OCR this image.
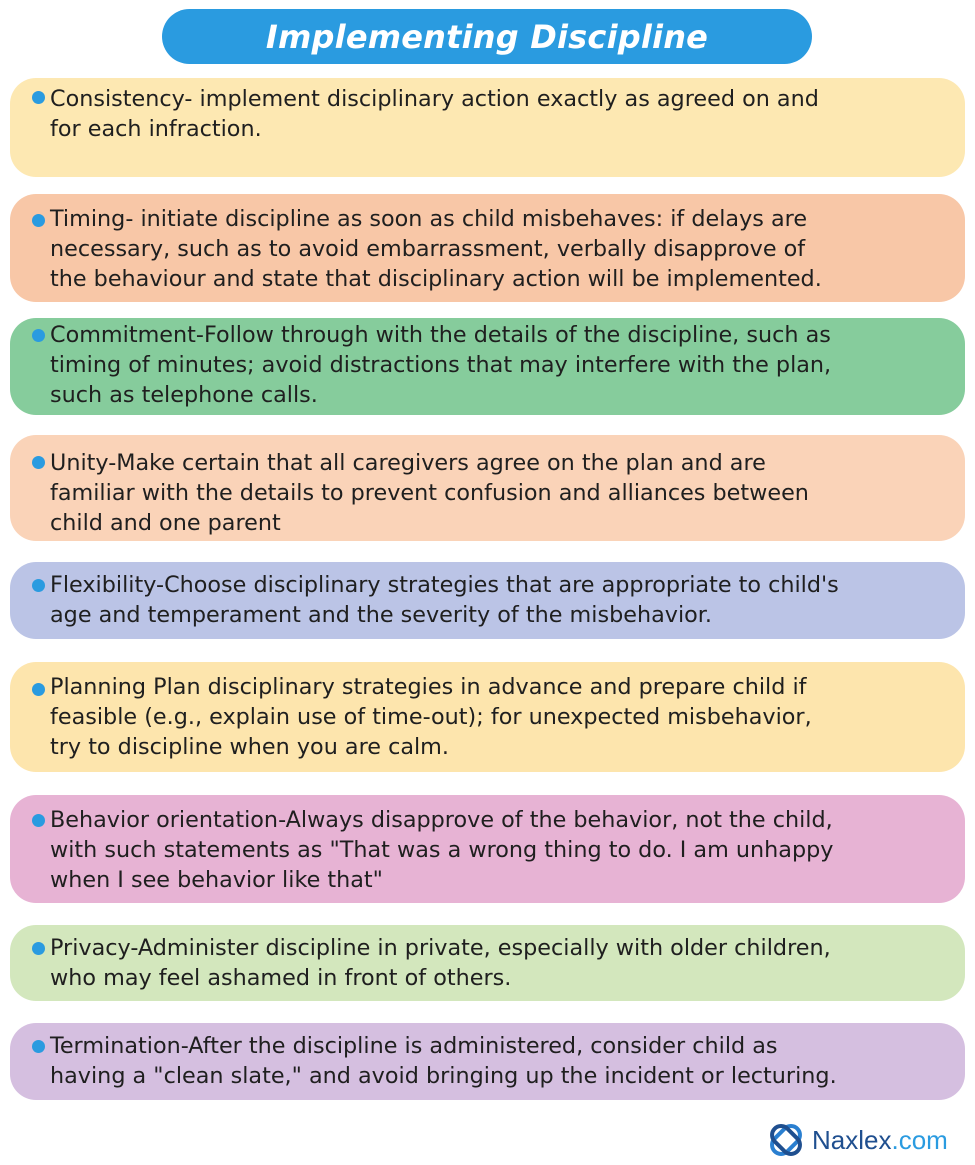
Implementing Discipline

Consistency- implement disciplinary action exactly as agreed on and
for each infraction.

Timing- initiate discipline as soon as child misbehaves: if delays are
necessary, such as to avoid embarrassment, verbally disapprove of
the behaviour and state that disciplinary action will be implemented.

Commitment-Follow through with the details of the discipline, such as
timing of minutes; avoid distractions that may interfere with the plan,
such as telephone calls.

Unity-Make certain that all caregivers agree on the plan and are
familiar with the details to prevent confusion and alliances between
child and one parent

Flexibility-Choose disciplinary strategies that are appropriate to child's
age and temperament and the severity of the misbehavior.

Planning Plan disciplinary strategies in advance and prepare child if
feasible (e.g., explain use of time-out); for unexpected misbehavior,
try to discipline when you are calm.

Behavior orientation-Always disapprove of the behavior, not the child,
with such statements as "That was a wrong thing to do. I am unhappy
when I see behavior like that"

Privacy-Administer discipline in private, especially with older children,
who may feel ashamed in front of others.

Termination-After the discipline is administered, consider child as
having a "clean slate," and avoid bringing up the incident or lecturing.

Naxlex.com
